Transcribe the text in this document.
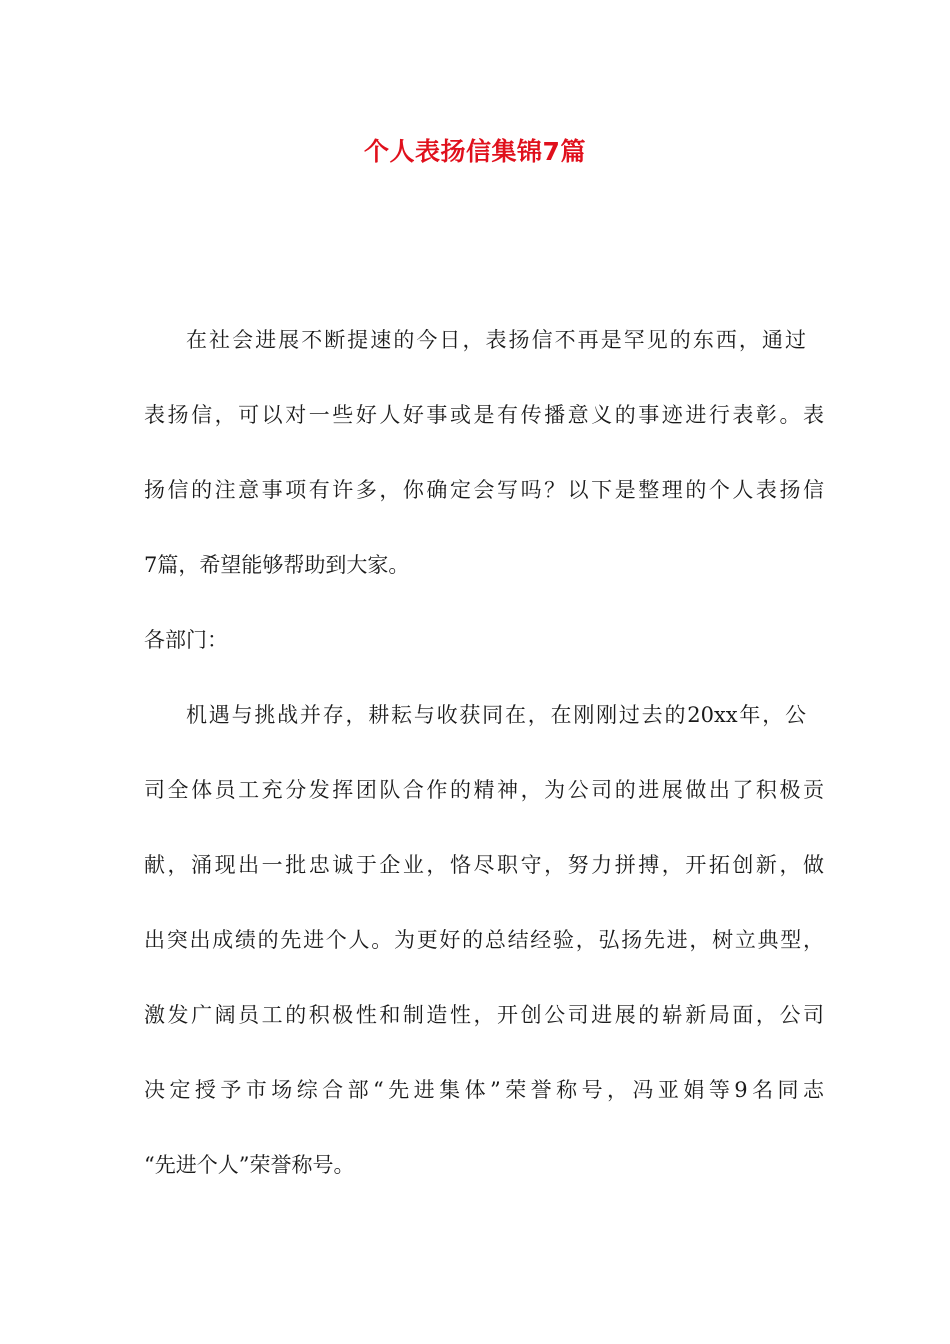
个人表扬信集锦7篇
在社会进展不断提速的今日，表扬信不再是罕见的东西，通过
表扬信，可以对一些好人好事或是有传播意义的事迹进行表彰。表
扬信的注意事项有许多，你确定会写吗？以下是整理的个人表扬信
7篇，希望能够帮助到大家。
各部门：
机遇与挑战并存，耕耘与收获同在，在刚刚过去的20xx年，公
司全体员工充分发挥团队合作的精神，为公司的进展做出了积极贡
献，涌现出一批忠诚于企业，恪尽职守，努力拼搏，开拓创新，做
出突出成绩的先进个人。为更好的总结经验，弘扬先进，树立典型，
激发广阔员工的积极性和制造性，开创公司进展的崭新局面，公司
决定授予市场综合部“先进集体”荣誉称号，冯亚娟等9名同志
“先进个人”荣誉称号。
